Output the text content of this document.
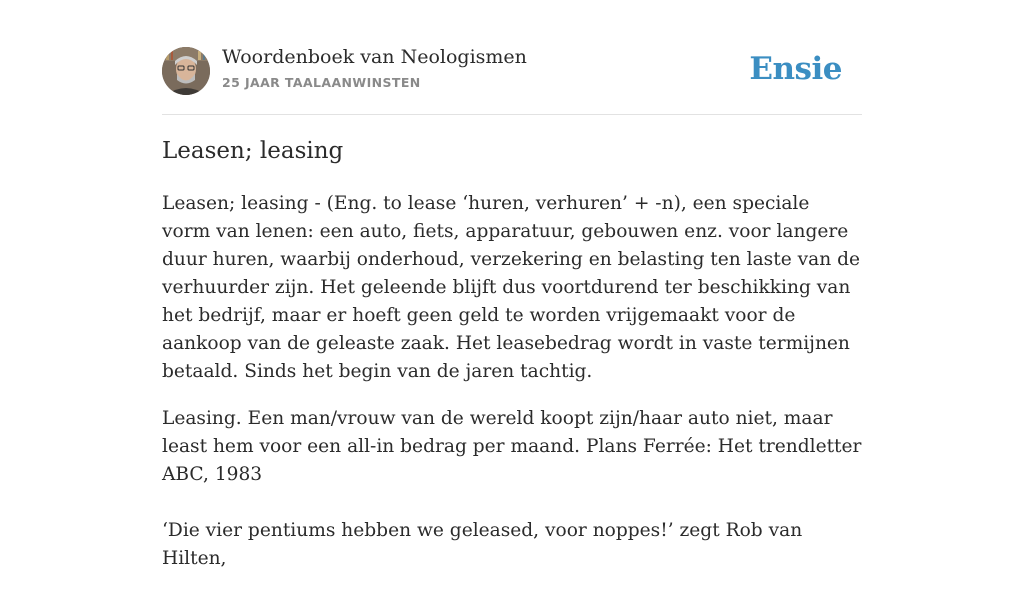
Woordenboek van Neologismen
25 JAAR TAALAANWINSTEN	Ensie
Leasen; leasing

Leasen; leasing - (Eng. to lease ‘huren, verhuren’ + -n), een speciale vorm van lenen: een auto, fiets, apparatuur, gebouwen enz. voor langere duur huren, waarbij onderhoud, verzekering en belasting ten laste van de verhuurder zijn. Het geleende blijft dus voortdurend ter beschikking van het bedrijf, maar er hoeft geen geld te worden vrijgemaakt voor de aankoop van de geleaste zaak. Het leasebedrag wordt in vaste termijnen betaald. Sinds het begin van de jaren tachtig.

Leasing. Een man/vrouw van de wereld koopt zijn/haar auto niet, maar least hem voor een all-in bedrag per maand. Plans Ferrée: Het trendletter ABC, 1983

‘Die vier pentiums hebben we geleased, voor noppes!’ zegt Rob van Hilten,
